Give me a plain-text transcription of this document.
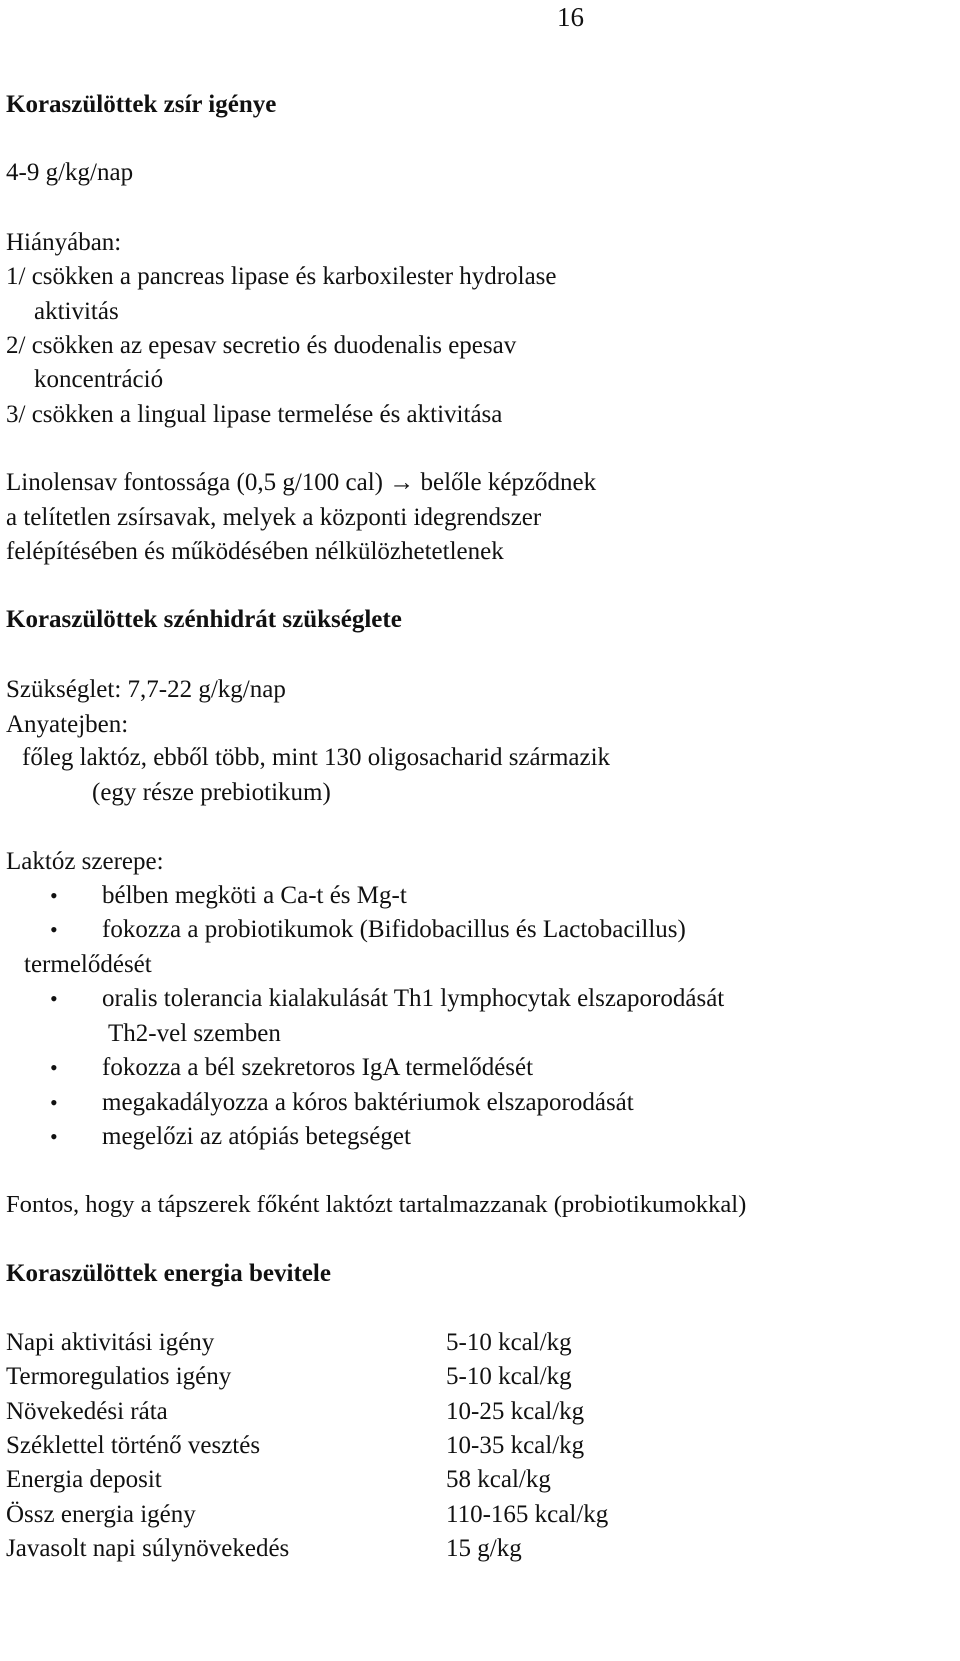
16
Koraszülöttek zsír igénye
4-9 g/kg/nap
Hiányában:
1/ csökken a pancreas lipase és karboxilester hydrolase
aktivitás
2/ csökken az epesav secretio és duodenalis epesav
koncentráció
3/ csökken a lingual lipase termelése és aktivitása
Linolensav fontossága (0,5 g/100 cal) → belőle képződnek
a telítetlen zsírsavak, melyek a központi idegrendszer
felépítésében és működésében nélkülözhetetlenek
Koraszülöttek szénhidrát szükséglete
Szükséglet: 7,7-22 g/kg/nap
Anyatejben:
főleg laktóz, ebből több, mint 130 oligosacharid származik
(egy része prebiotikum)
Laktóz szerepe:
• bélben megköti a Ca-t és Mg-t
• fokozza a probiotikumok (Bifidobacillus és Lactobacillus)
termelődését
• oralis tolerancia kialakulását Th1 lymphocytak elszaporodását
Th2-vel szemben
• fokozza a bél szekretoros IgA termelődését
• megakadályozza a kóros baktériumok elszaporodását
• megelőzi az atópiás betegséget
Fontos, hogy a tápszerek főként laktózt tartalmazzanak (probiotikumokkal)
Koraszülöttek energia bevitele
Napi aktivitási igény	5-10 kcal/kg
Termoregulatios igény	5-10 kcal/kg
Növekedési ráta	10-25 kcal/kg
Széklettel történő vesztés	10-35 kcal/kg
Energia deposit	58 kcal/kg
Össz energia igény	110-165 kcal/kg
Javasolt napi súlynövekedés	15 g/kg
